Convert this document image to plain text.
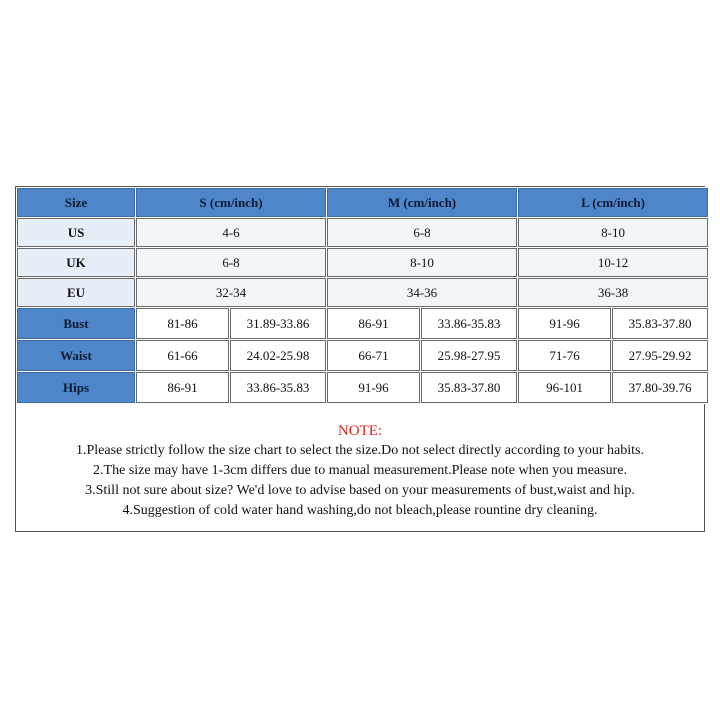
Size	S (cm/inch)		M (cm/inch)		L (cm/inch)	
US	4-6		6-8		8-10	
UK	6-8		8-10		10-12	
EU	32-34		34-36		36-38	
Bust	81-86	31.89-33.86	86-91	33.86-35.83	91-96	35.83-37.80
Waist	61-66	24.02-25.98	66-71	25.98-27.95	71-76	27.95-29.92
Hips	86-91	33.86-35.83	91-96	35.83-37.80	96-101	37.80-39.76
NOTE:
1.Please strictly follow the size chart to select the size.Do not select directly according to your habits.
2.The size may have 1-3cm differs due to manual measurement.Please note when you measure.
3.Still not sure about size? We'd love to advise based on your measurements of bust,waist and hip.
4.Suggestion of cold water hand washing,do not bleach,please rountine dry cleaning.
